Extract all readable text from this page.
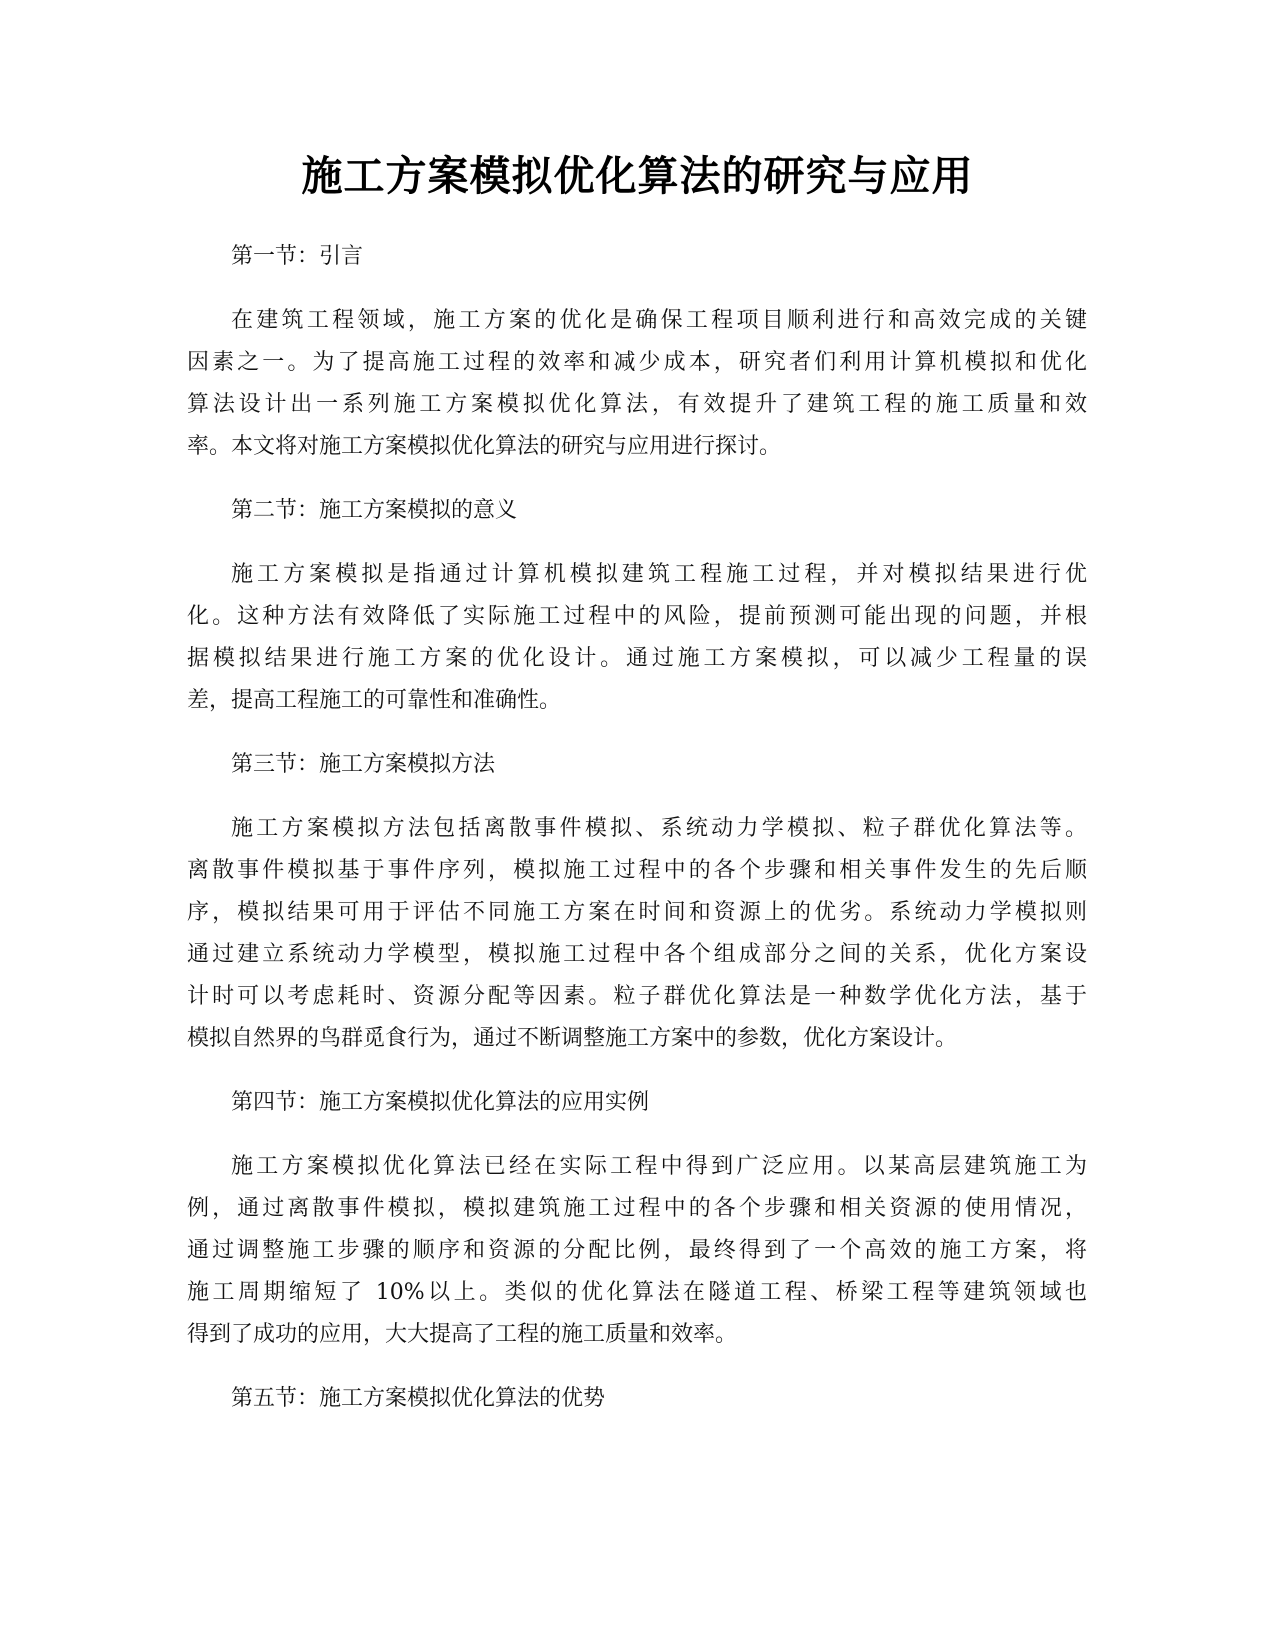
施工方案模拟优化算法的研究与应用
第一节：引言

在建筑工程领域，施工方案的优化是确保工程项目顺利进行和高效完成的关键
因素之一。为了提高施工过程的效率和减少成本，研究者们利用计算机模拟和优化
算法设计出一系列施工方案模拟优化算法，有效提升了建筑工程的施工质量和效
率。本文将对施工方案模拟优化算法的研究与应用进行探讨。

第二节：施工方案模拟的意义

施工方案模拟是指通过计算机模拟建筑工程施工过程，并对模拟结果进行优
化。这种方法有效降低了实际施工过程中的风险，提前预测可能出现的问题，并根
据模拟结果进行施工方案的优化设计。通过施工方案模拟，可以减少工程量的误
差，提高工程施工的可靠性和准确性。

第三节：施工方案模拟方法

施工方案模拟方法包括离散事件模拟、系统动力学模拟、粒子群优化算法等。
离散事件模拟基于事件序列，模拟施工过程中的各个步骤和相关事件发生的先后顺
序，模拟结果可用于评估不同施工方案在时间和资源上的优劣。系统动力学模拟则
通过建立系统动力学模型，模拟施工过程中各个组成部分之间的关系，优化方案设
计时可以考虑耗时、资源分配等因素。粒子群优化算法是一种数学优化方法，基于
模拟自然界的鸟群觅食行为，通过不断调整施工方案中的参数，优化方案设计。

第四节：施工方案模拟优化算法的应用实例

施工方案模拟优化算法已经在实际工程中得到广泛应用。以某高层建筑施工为
例，通过离散事件模拟，模拟建筑施工过程中的各个步骤和相关资源的使用情况，
通过调整施工步骤的顺序和资源的分配比例，最终得到了一个高效的施工方案，将
施工周期缩短了 10%以上。类似的优化算法在隧道工程、桥梁工程等建筑领域也
得到了成功的应用，大大提高了工程的施工质量和效率。

第五节：施工方案模拟优化算法的优势
